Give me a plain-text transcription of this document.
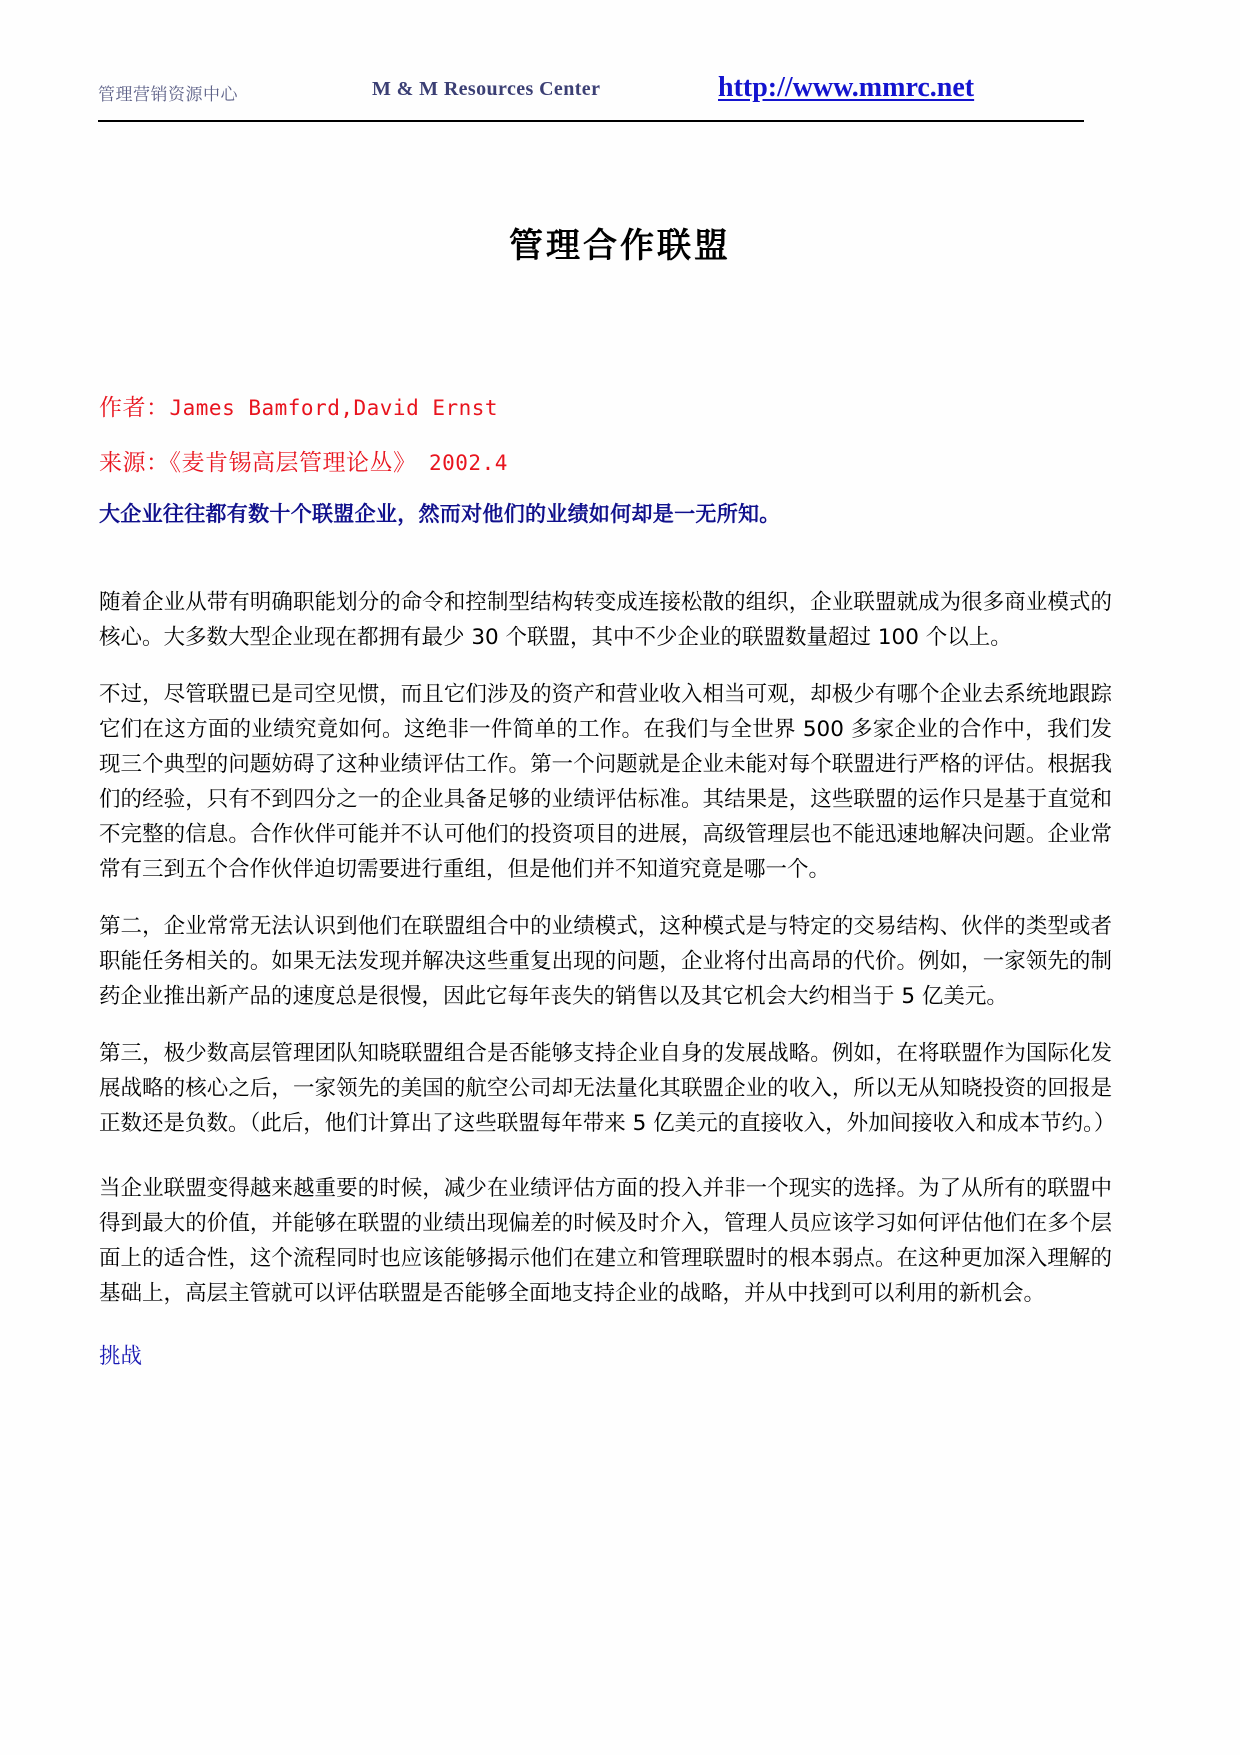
管理营销资源中心	M & M Resources Center	http://www.mmrc.net
管理合作联盟
作者：James Bamford,David Ernst
来源：《麦肯锡高层管理论丛》 2002.4
大企业往往都有数十个联盟企业，然而对他们的业绩如何却是一无所知。

随着企业从带有明确职能划分的命令和控制型结构转变成连接松散的组织，企业联盟就成为很多商业模式的核心。大多数大型企业现在都拥有最少 30 个联盟，其中不少企业的联盟数量超过 100 个以上。

不过，尽管联盟已是司空见惯，而且它们涉及的资产和营业收入相当可观，却极少有哪个企业去系统地跟踪它们在这方面的业绩究竟如何。这绝非一件简单的工作。在我们与全世界 500 多家企业的合作中，我们发现三个典型的问题妨碍了这种业绩评估工作。第一个问题就是企业未能对每个联盟进行严格的评估。根据我们的经验，只有不到四分之一的企业具备足够的业绩评估标准。其结果是，这些联盟的运作只是基于直觉和不完整的信息。合作伙伴可能并不认可他们的投资项目的进展，高级管理层也不能迅速地解决问题。企业常常有三到五个合作伙伴迫切需要进行重组，但是他们并不知道究竟是哪一个。

第二，企业常常无法认识到他们在联盟组合中的业绩模式，这种模式是与特定的交易结构、伙伴的类型或者职能任务相关的。如果无法发现并解决这些重复出现的问题，企业将付出高昂的代价。例如，一家领先的制药企业推出新产品的速度总是很慢，因此它每年丧失的销售以及其它机会大约相当于 5 亿美元。

第三，极少数高层管理团队知晓联盟组合是否能够支持企业自身的发展战略。例如，在将联盟作为国际化发展战略的核心之后，一家领先的美国的航空公司却无法量化其联盟企业的收入，所以无从知晓投资的回报是正数还是负数。（此后，他们计算出了这些联盟每年带来 5 亿美元的直接收入，外加间接收入和成本节约。）

当企业联盟变得越来越重要的时候，减少在业绩评估方面的投入并非一个现实的选择。为了从所有的联盟中得到最大的价值，并能够在联盟的业绩出现偏差的时候及时介入，管理人员应该学习如何评估他们在多个层面上的适合性，这个流程同时也应该能够揭示他们在建立和管理联盟时的根本弱点。在这种更加深入理解的基础上，高层主管就可以评估联盟是否能够全面地支持企业的战略，并从中找到可以利用的新机会。

挑战
